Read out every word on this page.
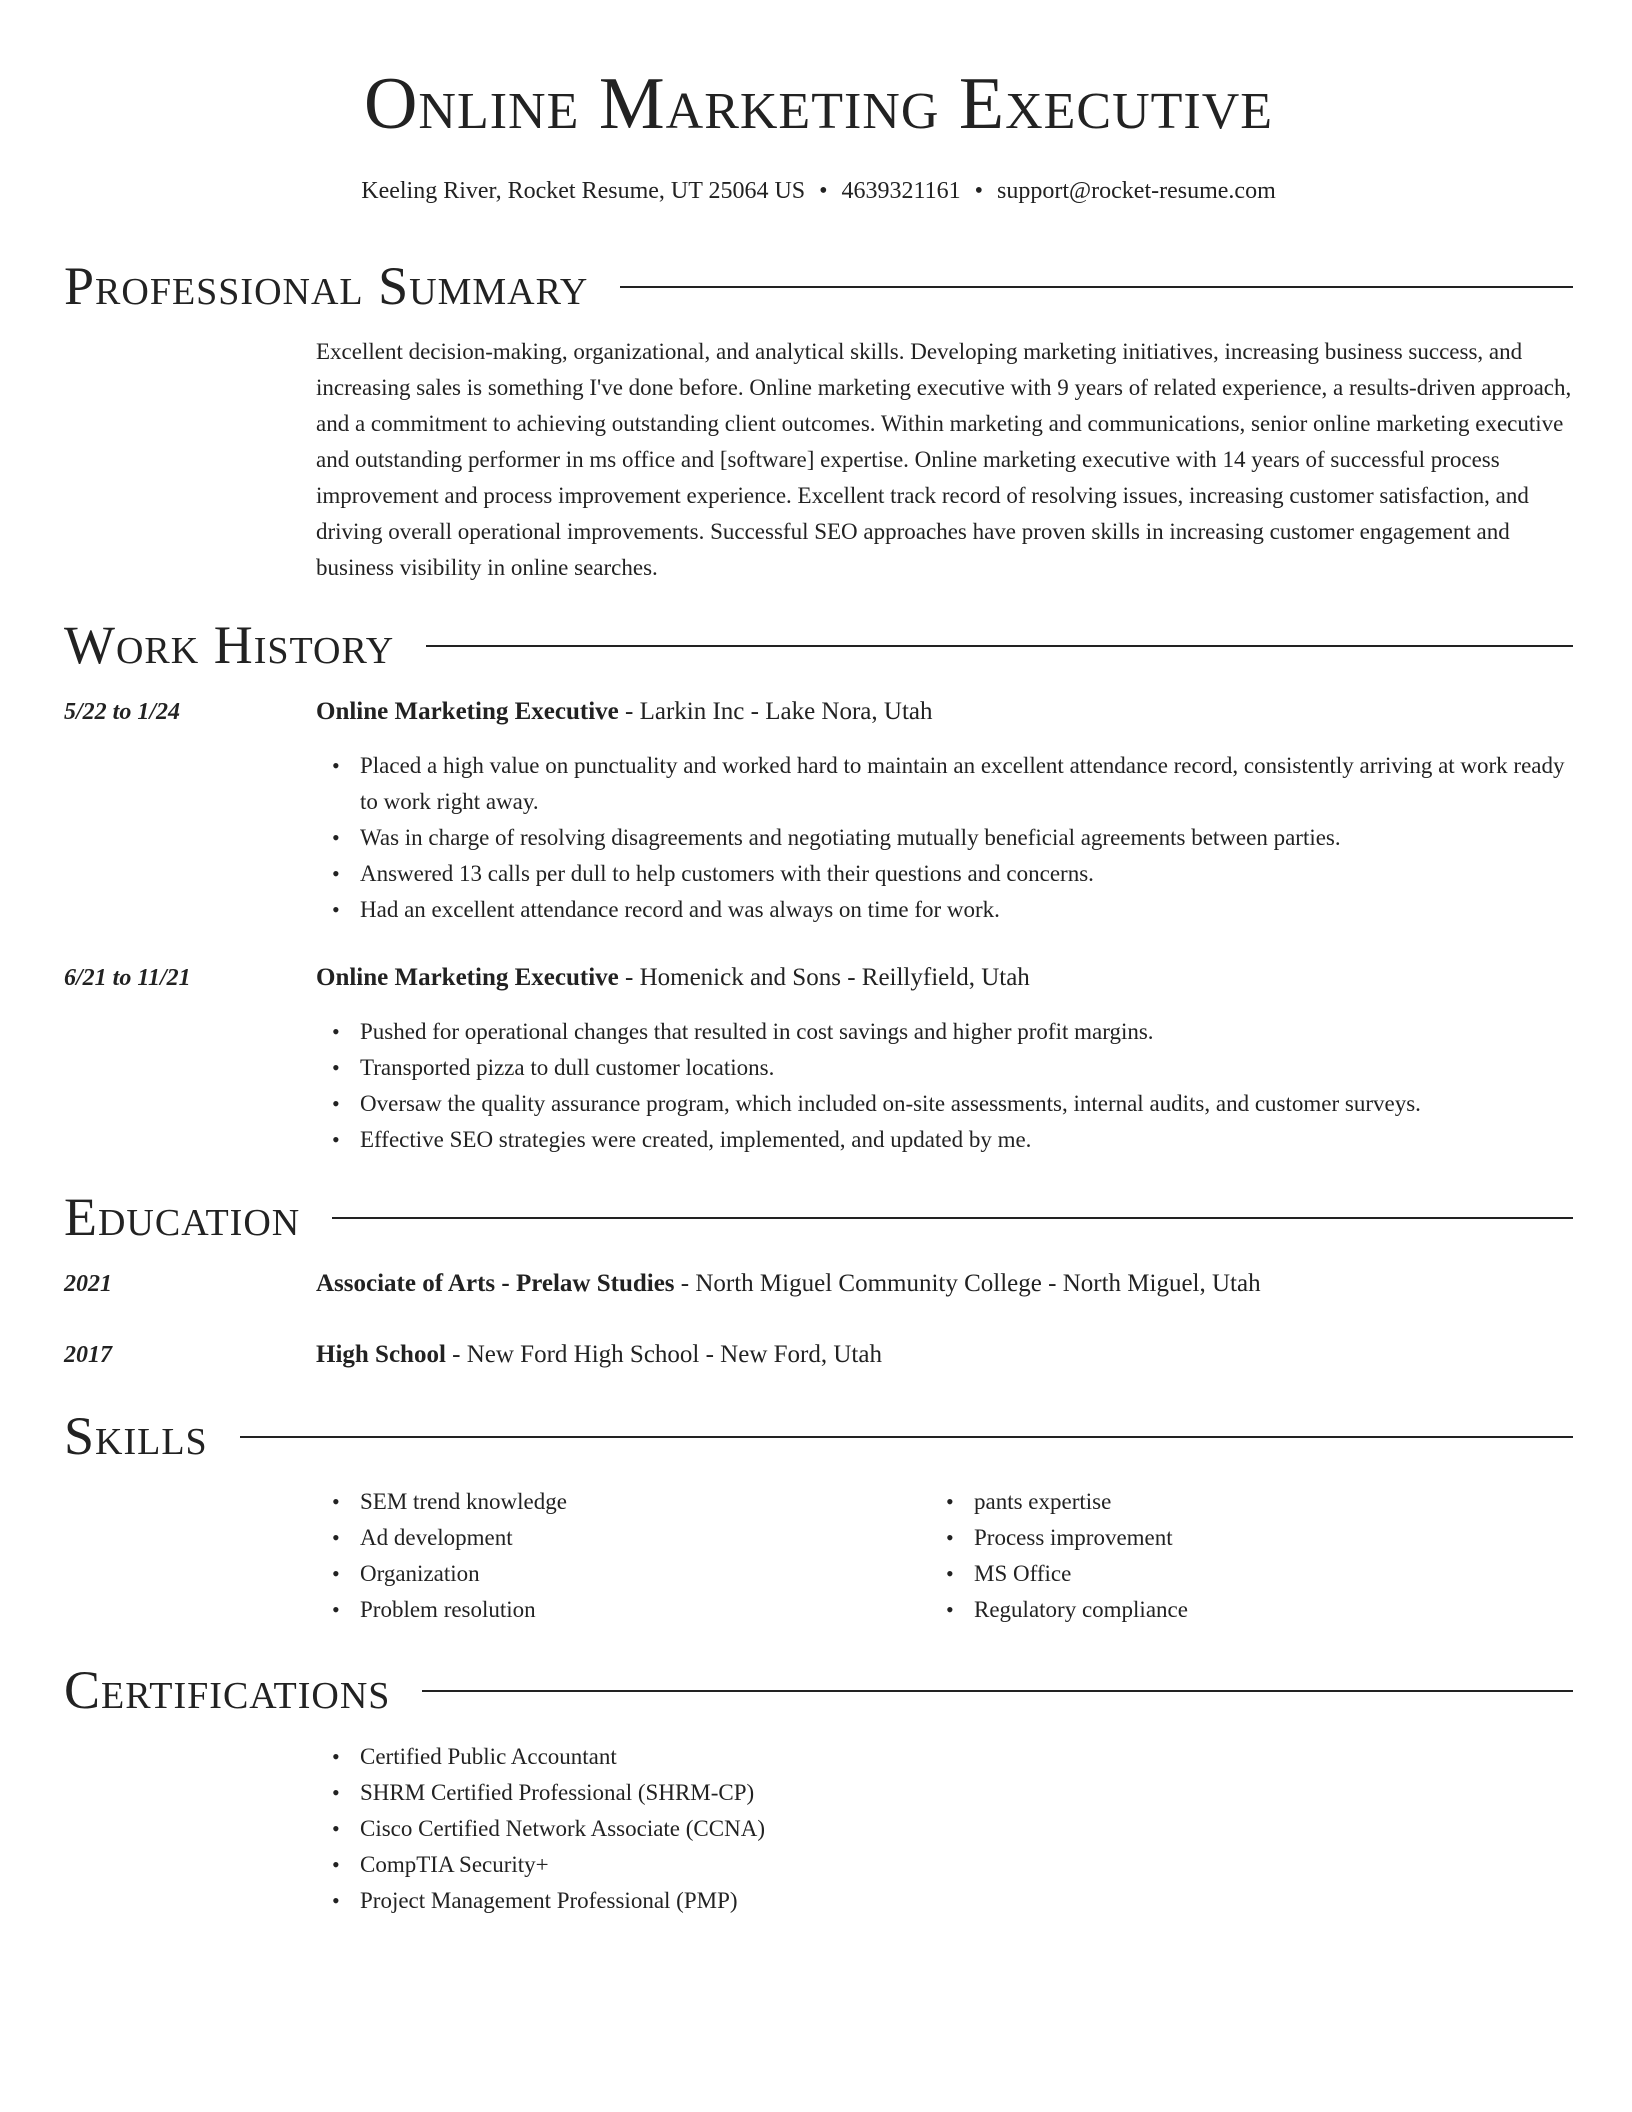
Online Marketing Executive
Keeling River, Rocket Resume, UT 25064 US • 4639321161 • support@rocket-resume.com
Professional Summary
Excellent decision-making, organizational, and analytical skills. Developing marketing initiatives, increasing business success, and increasing sales is something I've done before. Online marketing executive with 9 years of related experience, a results-driven approach, and a commitment to achieving outstanding client outcomes. Within marketing and communications, senior online marketing executive and outstanding performer in ms office and [software] expertise. Online marketing executive with 14 years of successful process improvement and process improvement experience. Excellent track record of resolving issues, increasing customer satisfaction, and driving overall operational improvements. Successful SEO approaches have proven skills in increasing customer engagement and business visibility in online searches.
Work History
5/22 to 1/24	Online Marketing Executive - Larkin Inc - Lake Nora, Utah
• Placed a high value on punctuality and worked hard to maintain an excellent attendance record, consistently arriving at work ready to work right away.
• Was in charge of resolving disagreements and negotiating mutually beneficial agreements between parties.
• Answered 13 calls per dull to help customers with their questions and concerns.
• Had an excellent attendance record and was always on time for work.
6/21 to 11/21	Online Marketing Executive - Homenick and Sons - Reillyfield, Utah
• Pushed for operational changes that resulted in cost savings and higher profit margins.
• Transported pizza to dull customer locations.
• Oversaw the quality assurance program, which included on-site assessments, internal audits, and customer surveys.
• Effective SEO strategies were created, implemented, and updated by me.
Education
2021	Associate of Arts - Prelaw Studies - North Miguel Community College - North Miguel, Utah
2017	High School - New Ford High School - New Ford, Utah
Skills
• SEM trend knowledge
• Ad development
• Organization
• Problem resolution
• pants expertise
• Process improvement
• MS Office
• Regulatory compliance
Certifications
• Certified Public Accountant
• SHRM Certified Professional (SHRM-CP)
• Cisco Certified Network Associate (CCNA)
• CompTIA Security+
• Project Management Professional (PMP)
